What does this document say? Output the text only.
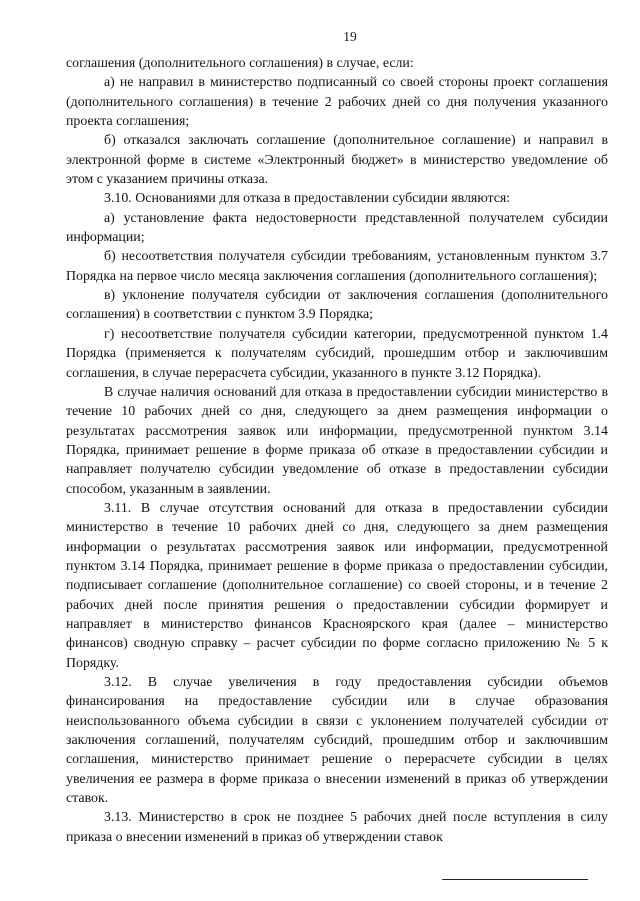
19

соглашения (дополнительного соглашения) в случае, если:

а) не направил в министерство подписанный со своей стороны проект соглашения (дополнительного соглашения) в течение 2 рабочих дней со дня получения указанного проекта соглашения;

б) отказался заключать соглашение (дополнительное соглашение) и направил в электронной форме в системе «Электронный бюджет» в министерство уведомление об этом с указанием причины отказа.

3.10. Основаниями для отказа в предоставлении субсидии являются:

а) установление факта недостоверности представленной получателем субсидии информации;

б) несоответствия получателя субсидии требованиям, установленным пунктом 3.7 Порядка на первое число месяца заключения соглашения (дополнительного соглашения);

в) уклонение получателя субсидии от заключения соглашения (дополнительного соглашения) в соответствии с пунктом 3.9 Порядка;

г) несоответствие получателя субсидии категории, предусмотренной пунктом 1.4 Порядка (применяется к получателям субсидий, прошедшим отбор и заключившим соглашения, в случае перерасчета субсидии, указанного в пункте 3.12 Порядка).

В случае наличия оснований для отказа в предоставлении субсидии министерство в течение 10 рабочих дней со дня, следующего за днем размещения информации о результатах рассмотрения заявок или информации, предусмотренной пунктом 3.14 Порядка, принимает решение в форме приказа об отказе в предоставлении субсидии и направляет получателю субсидии уведомление об отказе в предоставлении субсидии способом, указанным в заявлении.

3.11. В случае отсутствия оснований для отказа в предоставлении субсидии министерство в течение 10 рабочих дней со дня, следующего за днем размещения информации о результатах рассмотрения заявок или информации, предусмотренной пунктом 3.14 Порядка, принимает решение в форме приказа о предоставлении субсидии, подписывает соглашение (дополнительное соглашение) со своей стороны, и в течение 2 рабочих дней после принятия решения о предоставлении субсидии формирует и направляет в министерство финансов Красноярского края (далее – министерство финансов) сводную справку – расчет субсидии по форме согласно приложению № 5 к Порядку.

3.12. В случае увеличения в году предоставления субсидии объемов финансирования на предоставление субсидии или в случае образования неиспользованного объема субсидии в связи с уклонением получателей субсидии от заключения соглашений, получателям субсидий, прошедшим отбор и заключившим соглашения, министерство принимает решение о перерасчете субсидии в целях увеличения ее размера в форме приказа о внесении изменений в приказ об утверждении ставок.

3.13. Министерство в срок не позднее 5 рабочих дней после вступления в силу приказа о внесении изменений в приказ об утверждении ставок
